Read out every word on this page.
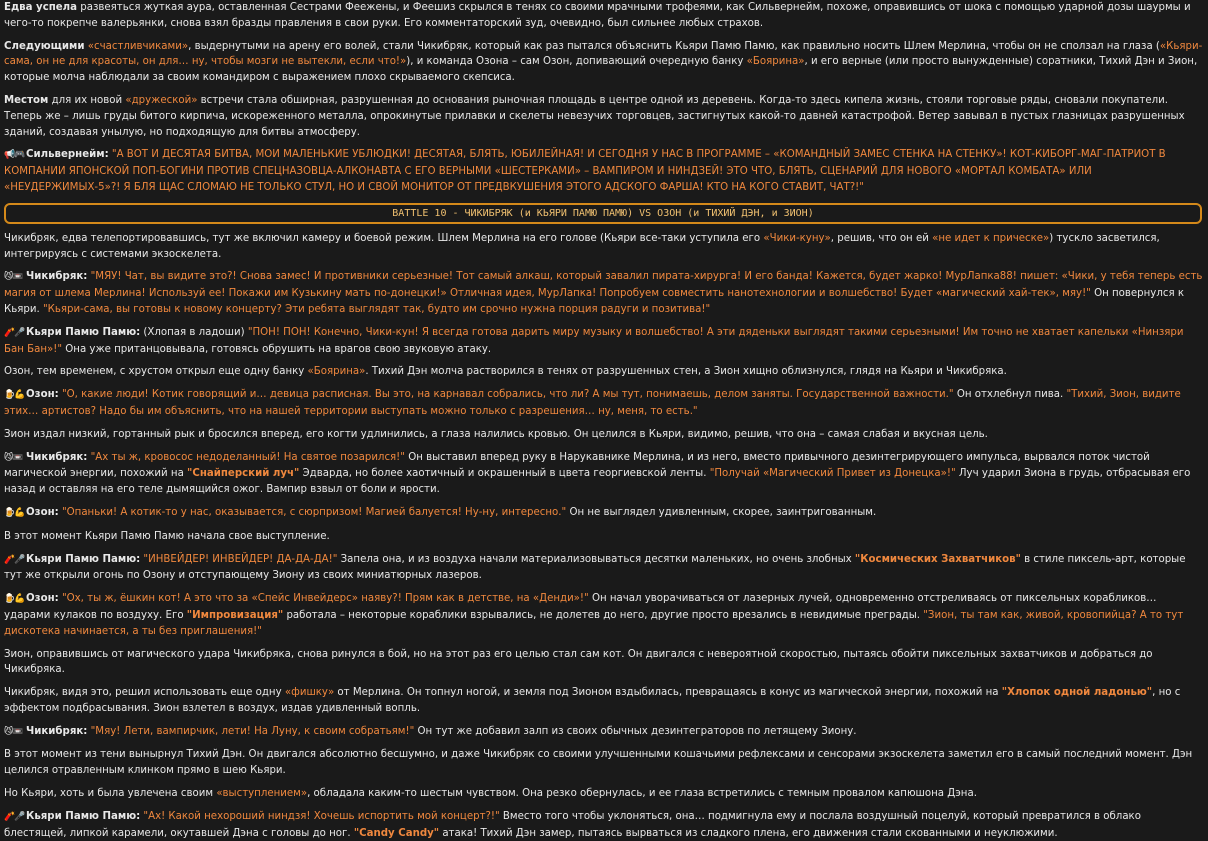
Едва успела развеяться жуткая аура, оставленная Сестрами Феежены, и Феешиз скрылся в тенях со своими мрачными трофеями, как Сильвернейм, похоже, оправившись от шока с помощью ударной дозы шаурмы и чего-то покрепче валерьянки, снова взял бразды правления в свои руки. Его комментаторский зуд, очевидно, был сильнее любых страхов.

Следующими «счастливчиками», выдернутыми на арену его волей, стали Чикибряк, который как раз пытался объяснить Кьяри Памю Памю, как правильно носить Шлем Мерлина, чтобы он не сползал на глаза («Кьяри-сама, он не для красоты, он для… ну, чтобы мозги не вытекли, если что!»), и команда Озона – сам Озон, допивающий очередную банку «Боярина», и его верные (или просто вынужденные) соратники, Тихий Дэн и Зион, которые молча наблюдали за своим командиром с выражением плохо скрываемого скепсиса.

Местом для их новой «дружеской» встречи стала обширная, разрушенная до основания рыночная площадь в центре одной из деревень. Когда-то здесь кипела жизнь, стояли торговые ряды, сновали покупатели. Теперь же – лишь груды битого кирпича, искореженного металла, опрокинутые прилавки и скелеты невезучих торговцев, застигнутых какой-то давней катастрофой. Ветер завывал в пустых глазницах разрушенных зданий, создавая унылую, но подходящую для битвы атмосферу.

📢🎮 Сильвернейм: "А ВОТ И ДЕСЯТАЯ БИТВА, МОИ МАЛЕНЬКИЕ УБЛЮДКИ! ДЕСЯТАЯ, БЛЯТЬ, ЮБИЛЕЙНАЯ! И СЕГОДНЯ У НАС В ПРОГРАММЕ – «КОМАНДНЫЙ ЗАМЕС СТЕНКА НА СТЕНКУ»! КОТ-КИБОРГ-МАГ-ПАТРИОТ В КОМПАНИИ ЯПОНСКОЙ ПОП-БОГИНИ ПРОТИВ СПЕЦНАЗОВЦА-АЛКОНАВТА С ЕГО ВЕРНЫМИ «ШЕСТЕРКАМИ» – ВАМПИРОМ И НИНДЗЕЙ! ЭТО ЧТО, БЛЯТЬ, СЦЕНАРИЙ ДЛЯ НОВОГО «МОРТАЛ КОМБАТА» ИЛИ «НЕУДЕРЖИМЫХ-5»?! Я БЛЯ ЩАС СЛОМАЮ НЕ ТОЛЬКО СТУЛ, НО И СВОЙ МОНИТОР ОТ ПРЕДВКУШЕНИЯ ЭТОГО АДСКОГО ФАРША! КТО НА КОГО СТАВИТ, ЧАТ?!"

BATTLE 10 - ЧИКИБРЯК (и КЬЯРИ ПАМЮ ПАМЮ) VS ОЗОН (и ТИХИЙ ДЭН, и ЗИОН)

Чикибряк, едва телепортировавшись, тут же включил камеру и боевой режим. Шлем Мерлина на его голове (Кьяри все-таки уступила его «Чики-куну», решив, что он ей «не идет к прическе») тускло засветился, интегрируясь с системами экзоскелета.

😼📼 Чикибряк: "МЯУ! Чат, вы видите это?! Снова замес! И противники серьезные! Тот самый алкаш, который завалил пирата-хирурга! И его банда! Кажется, будет жарко! МурЛапка88! пишет: «Чики, у тебя теперь есть магия от шлема Мерлина! Используй ее! Покажи им Кузькину мать по-донецки!» Отличная идея, МурЛапка! Попробуем совместить нанотехнологии и волшебство! Будет «магический хай-тек», мяу!" Он повернулся к Кьяри. "Кьяри-сама, вы готовы к новому концерту? Эти ребята выглядят так, будто им срочно нужна порция радуги и позитива!"

🧨🎤 Кьяри Памю Памю: (Хлопая в ладоши) "ПОН! ПОН! Конечно, Чики-кун! Я всегда готова дарить миру музыку и волшебство! А эти дяденьки выглядят такими серьезными! Им точно не хватает капельки «Нинзяри Бан Бан»!" Она уже пританцовывала, готовясь обрушить на врагов свою звуковую атаку.

Озон, тем временем, с хрустом открыл еще одну банку «Боярина». Тихий Дэн молча растворился в тенях от разрушенных стен, а Зион хищно облизнулся, глядя на Кьяри и Чикибряка.

🍺💪 Озон: "О, какие люди! Котик говорящий и… девица расписная. Вы это, на карнавал собрались, что ли? А мы тут, понимаешь, делом заняты. Государственной важности." Он отхлебнул пива. "Тихий, Зион, видите этих… артистов? Надо бы им объяснить, что на нашей территории выступать можно только с разрешения… ну, меня, то есть."

Зион издал низкий, гортанный рык и бросился вперед, его когти удлинились, а глаза налились кровью. Он целился в Кьяри, видимо, решив, что она – самая слабая и вкусная цель.

😼📼 Чикибряк: "Ах ты ж, кровосос недоделанный! На святое позарился!" Он выставил вперед руку в Нарукавнике Мерлина, и из него, вместо привычного дезинтегрирующего импульса, вырвался поток чистой магической энергии, похожий на "Снайперский луч" Эдварда, но более хаотичный и окрашенный в цвета георгиевской ленты. "Получай «Магический Привет из Донецка»!" Луч ударил Зиона в грудь, отбрасывая его назад и оставляя на его теле дымящийся ожог. Вампир взвыл от боли и ярости.

🍺💪 Озон: "Опаньки! А котик-то у нас, оказывается, с сюрпризом! Магией балуется! Ну-ну, интересно." Он не выглядел удивленным, скорее, заинтригованным.

В этот момент Кьяри Памю Памю начала свое выступление.

🧨🎤 Кьяри Памю Памю: "ИНВЕЙДЕР! ИНВЕЙДЕР! ДА-ДА-ДА!" Запела она, и из воздуха начали материализовываться десятки маленьких, но очень злобных "Космических Захватчиков" в стиле пиксель-арт, которые тут же открыли огонь по Озону и отступающему Зиону из своих миниатюрных лазеров.

🍺💪 Озон: "Ох, ты ж, ёшкин кот! А это что за «Спейс Инвейдерс» наяву?! Прям как в детстве, на «Денди»!" Он начал уворачиваться от лазерных лучей, одновременно отстреливаясь от пиксельных корабликов… ударами кулаков по воздуху. Его "Импровизация" работала – некоторые кораблики взрывались, не долетев до него, другие просто врезались в невидимые преграды. "Зион, ты там как, живой, кровопийца? А то тут дискотека начинается, а ты без приглашения!"

Зион, оправившись от магического удара Чикибряка, снова ринулся в бой, но на этот раз его целью стал сам кот. Он двигался с невероятной скоростью, пытаясь обойти пиксельных захватчиков и добраться до Чикибряка.

Чикибряк, видя это, решил использовать еще одну «фишку» от Мерлина. Он топнул ногой, и земля под Зионом вздыбилась, превращаясь в конус из магической энергии, похожий на "Хлопок одной ладонью", но с эффектом подбрасывания. Зион взлетел в воздух, издав удивленный вопль.

😼📼 Чикибряк: "Мяу! Лети, вампирчик, лети! На Луну, к своим собратьям!" Он тут же добавил залп из своих обычных дезинтеграторов по летящему Зиону.

В этот момент из тени вынырнул Тихий Дэн. Он двигался абсолютно бесшумно, и даже Чикибряк со своими улучшенными кошачьими рефлексами и сенсорами экзоскелета заметил его в самый последний момент. Дэн целился отравленным клинком прямо в шею Кьяри.

Но Кьяри, хоть и была увлечена своим «выступлением», обладала каким-то шестым чувством. Она резко обернулась, и ее глаза встретились с темным провалом капюшона Дэна.

🧨🎤 Кьяри Памю Памю: "Ах! Какой нехороший ниндзя! Хочешь испортить мой концерт?!" Вместо того чтобы уклоняться, она… подмигнула ему и послала воздушный поцелуй, который превратился в облако блестящей, липкой карамели, окутавшей Дэна с головы до ног. "Candy Candy" атака! Тихий Дэн замер, пытаясь вырваться из сладкого плена, его движения стали скованными и неуклюжими.
